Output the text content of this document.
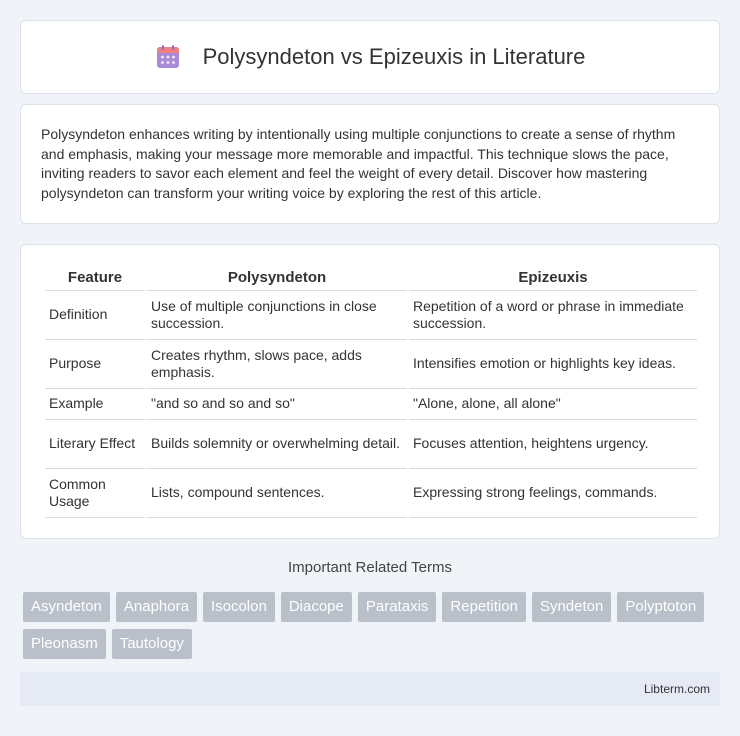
Polysyndeton vs Epizeuxis in Literature

Polysyndeton enhances writing by intentionally using multiple conjunctions to create a sense of rhythm and emphasis, making your message more memorable and impactful. This technique slows the pace, inviting readers to savor each element and feel the weight of every detail. Discover how mastering polysyndeton can transform your writing voice by exploring the rest of this article.

Feature	Polysyndeton	Epizeuxis
Definition	Use of multiple conjunctions in close succession.	Repetition of a word or phrase in immediate succession.
Purpose	Creates rhythm, slows pace, adds emphasis.	Intensifies emotion or highlights key ideas.
Example	"and so and so and so"	"Alone, alone, all alone"
Literary Effect	Builds solemnity or overwhelming detail.	Focuses attention, heightens urgency.
Common Usage	Lists, compound sentences.	Expressing strong feelings, commands.
Important Related Terms
Asyndeton	Anaphora	Isocolon	Diacope	Parataxis	Repetition	Syndeton	Polyptoton
Pleonasm	Tautology
Libterm.com
